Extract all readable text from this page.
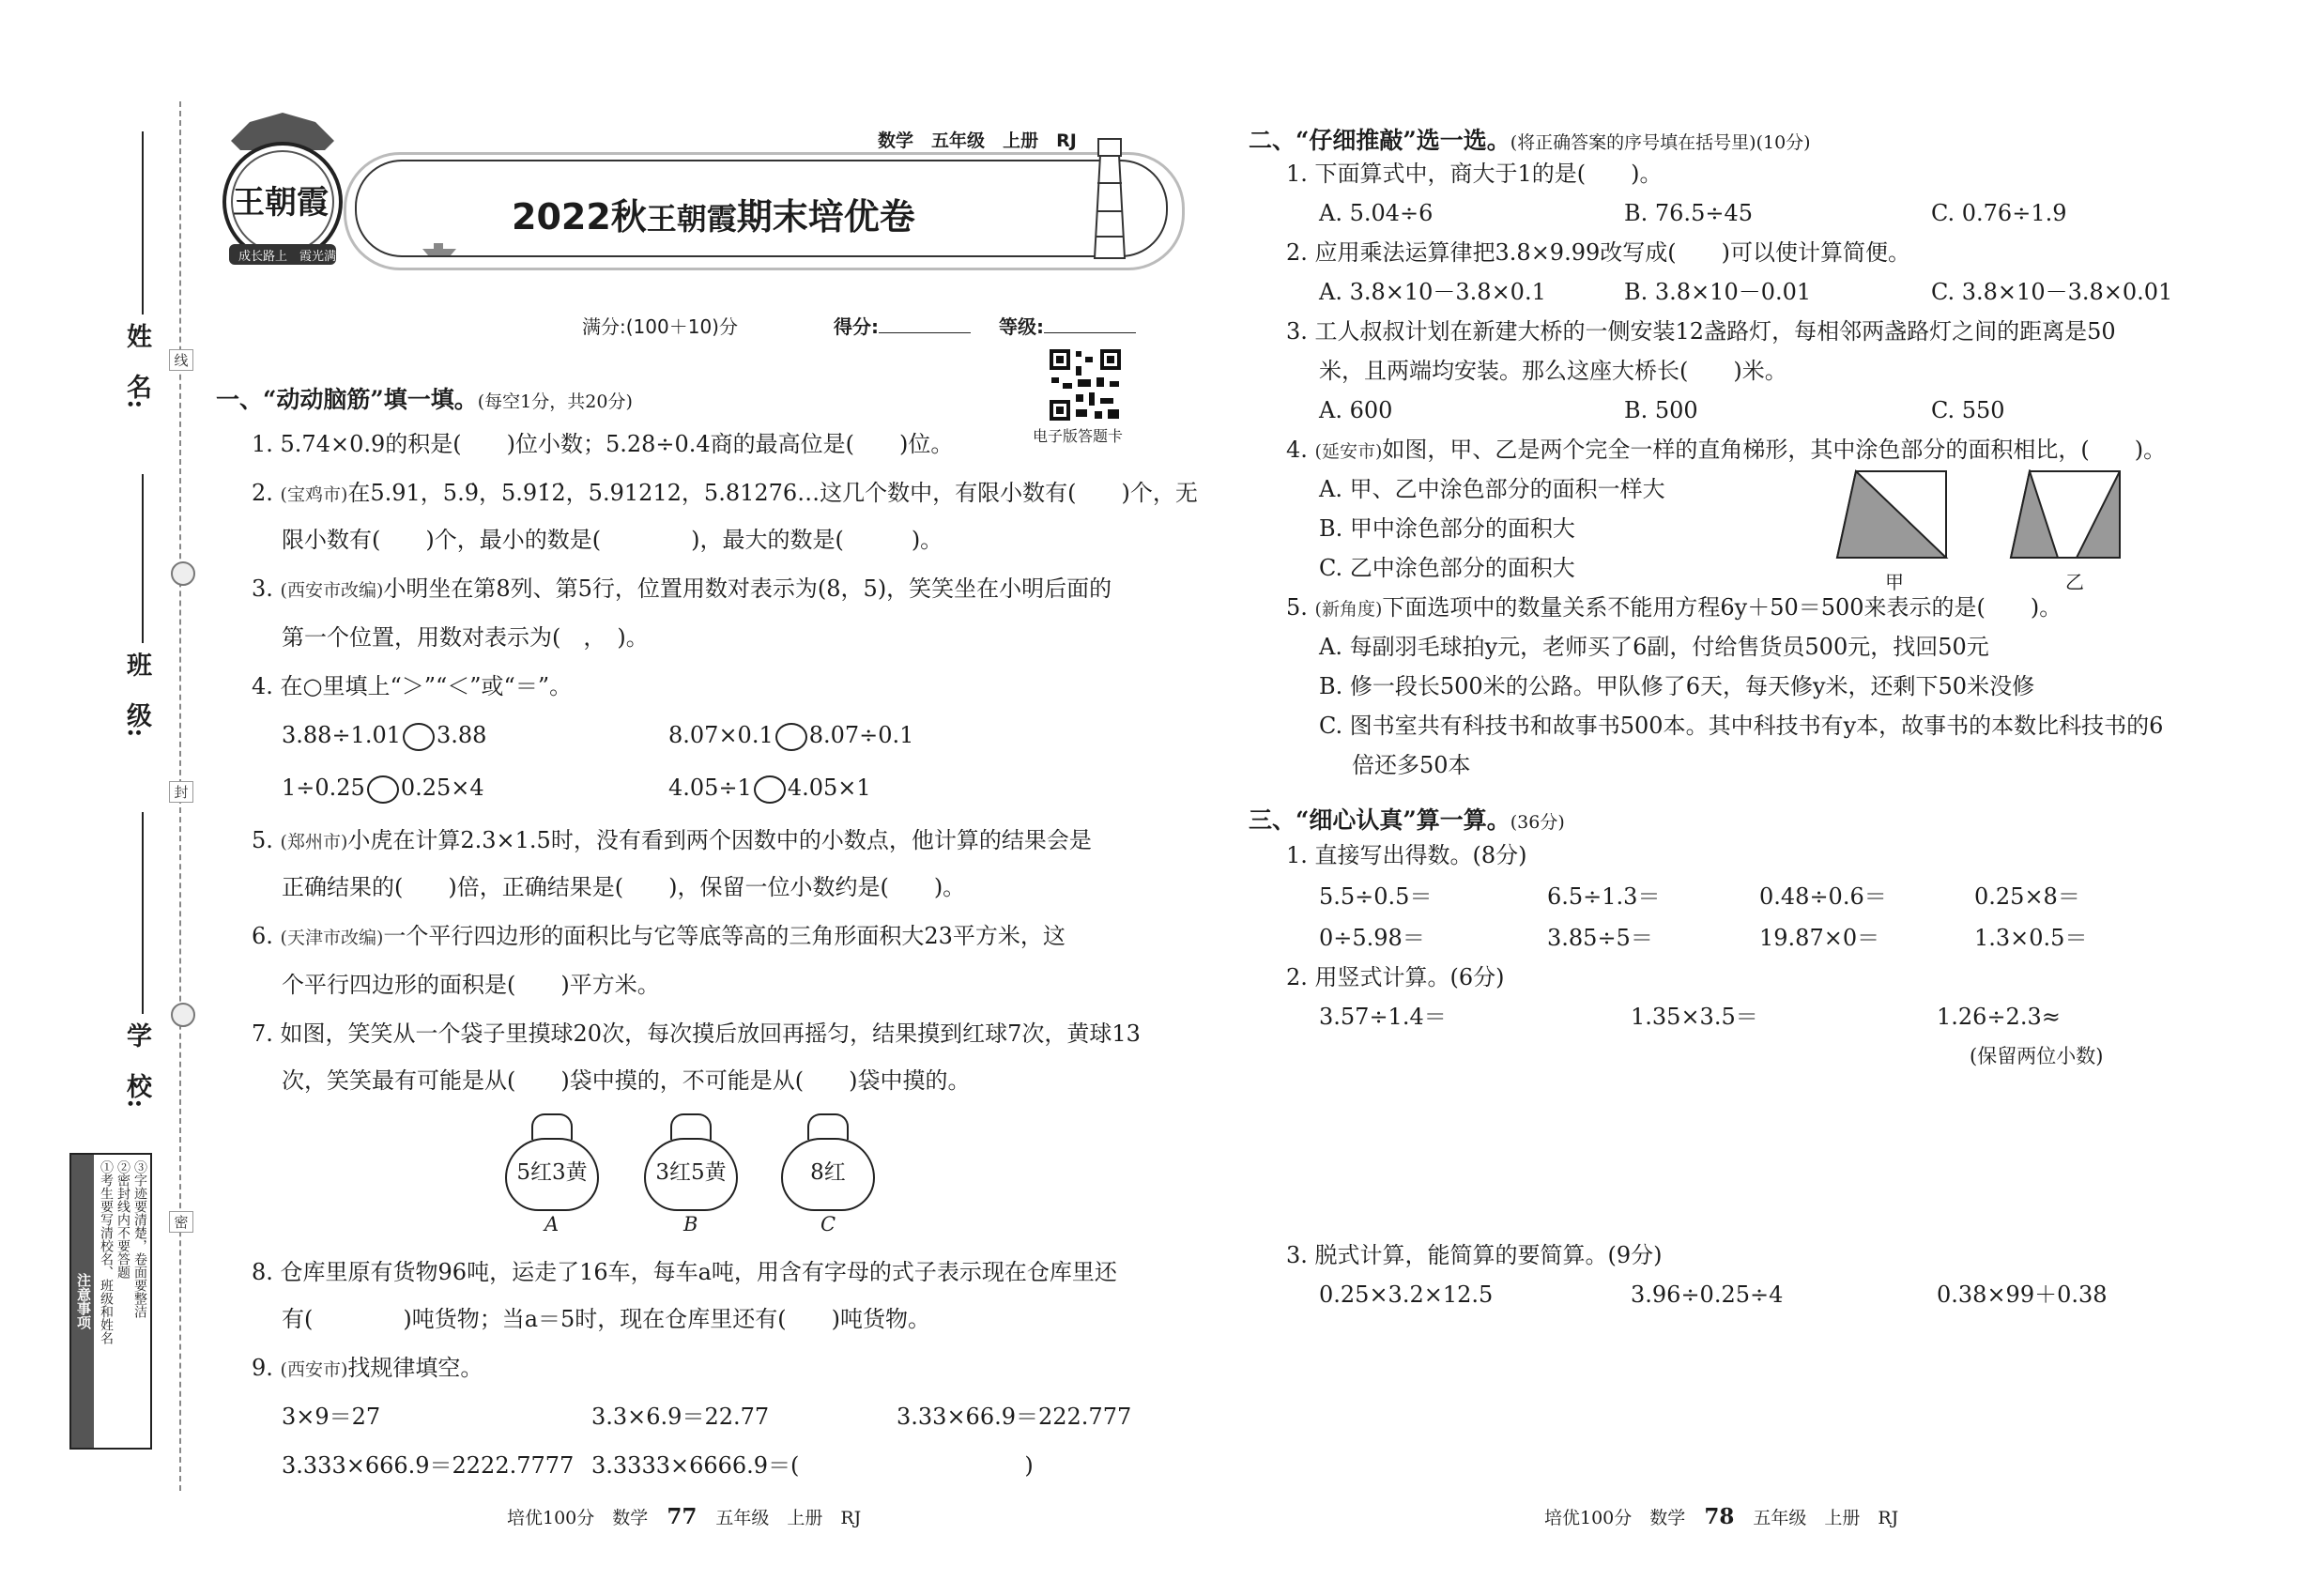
线
封
密
姓　名:
班　级:
学　校:
注意事项 ①考生要写清校名、班级和姓名 ②密封线内不要答题 ③字迹要清楚，卷面要整洁
王朝霞
成长路上　 霞光满天
数学　 五年级　 上册　 RJ
2022秋王朝霞期末培优卷
满分:(100＋10)分	得分:	等级:
电子版答题卡
一、“动动脑筋”填一填。(每空1分，共20分)
1. 5.74×0.9的积是(　　)位小数；5.28÷0.4商的最高位是(　　)位。
2. (宝鸡市)在5.91，5.9̇，5.91̇2̇，5.91212，5.81276…这几个数中，有限小数有(　　)个，无
限小数有(　　)个，最小的数是(　　　　)，最大的数是(　　　)。
3. (西安市改编)小明坐在第8列、第5行，位置用数对表示为(8，5)，笑笑坐在小明后面的
第一个位置，用数对表示为(　，　)。
4. 在○里填上“＞”“＜”或“＝”。
3.88÷1.01 3.88	8.07×0.1 8.07÷0.1
1÷0.25 0.25×4	4.05÷1 4.05×1
5. (郑州市)小虎在计算2.3×1.5时，没有看到两个因数中的小数点，他计算的结果会是
正确结果的(　　)倍，正确结果是(　　)，保留一位小数约是(　　)。
6. (天津市改编)一个平行四边形的面积比与它等底等高的三角形面积大23平方米，这
个平行四边形的面积是(　　)平方米。
7. 如图，笑笑从一个袋子里摸球20次，每次摸后放回再摇匀，结果摸到红球7次，黄球13
次，笑笑最有可能是从(　　)袋中摸的，不可能是从(　　)袋中摸的。
5红3黄
A
3红5黄
B
8红
C
8. 仓库里原有货物96吨，运走了16车，每车a吨，用含有字母的式子表示现在仓库里还
有(　　　　)吨货物；当a＝5时，现在仓库里还有(　　)吨货物。
9. (西安市)找规律填空。
3×9＝27	3.3×6.9＝22.77	3.33×66.9＝222.777
3.333×666.9＝2222.7777 3.3333×6666.9＝(　　　　　　　　　　)
培优100分　数学 77 五年级　上册　RJ
二、“仔细推敲”选一选。(将正确答案的序号填在括号里)(10分)
1. 下面算式中，商大于1的是(　　)。
A. 5.04÷6	B. 76.5÷45	C. 0.76÷1.9
2. 应用乘法运算律把3.8×9.99改写成(　　)可以使计算简便。
A. 3.8×10－3.8×0.1	B. 3.8×10－0.01	C. 3.8×10－3.8×0.01
3. 工人叔叔计划在新建大桥的一侧安装12盏路灯，每相邻两盏路灯之间的距离是50
米，且两端均安装。那么这座大桥长(　　)米。
A. 600	B. 500	C. 550
4. (延安市)如图，甲、乙是两个完全一样的直角梯形，其中涂色部分的面积相比，(　　)。
A. 甲、乙中涂色部分的面积一样大
B. 甲中涂色部分的面积大
C. 乙中涂色部分的面积大
甲	乙
5. (新角度)下面选项中的数量关系不能用方程6y＋50＝500来表示的是(　　)。
A. 每副羽毛球拍y元，老师买了6副，付给售货员500元，找回50元
B. 修一段长500米的公路。甲队修了6天，每天修y米，还剩下50米没修
C. 图书室共有科技书和故事书500本。其中科技书有y本，故事书的本数比科技书的6
倍还多50本
三、“细心认真”算一算。(36分)
1. 直接写出得数。(8分)
5.5÷0.5＝	6.5÷1.3＝	0.48÷0.6＝	0.25×8＝
0÷5.98＝	3.85÷5＝	19.87×0＝	1.3×0.5＝
2. 用竖式计算。(6分)
3.57÷1.4＝	1.35×3.5＝	1.26÷2.3≈
(保留两位小数)
3. 脱式计算，能简算的要简算。(9分)
0.25×3.2×12.5	3.96÷0.25÷4	0.38×99＋0.38
培优100分　数学 78 五年级　上册　RJ
